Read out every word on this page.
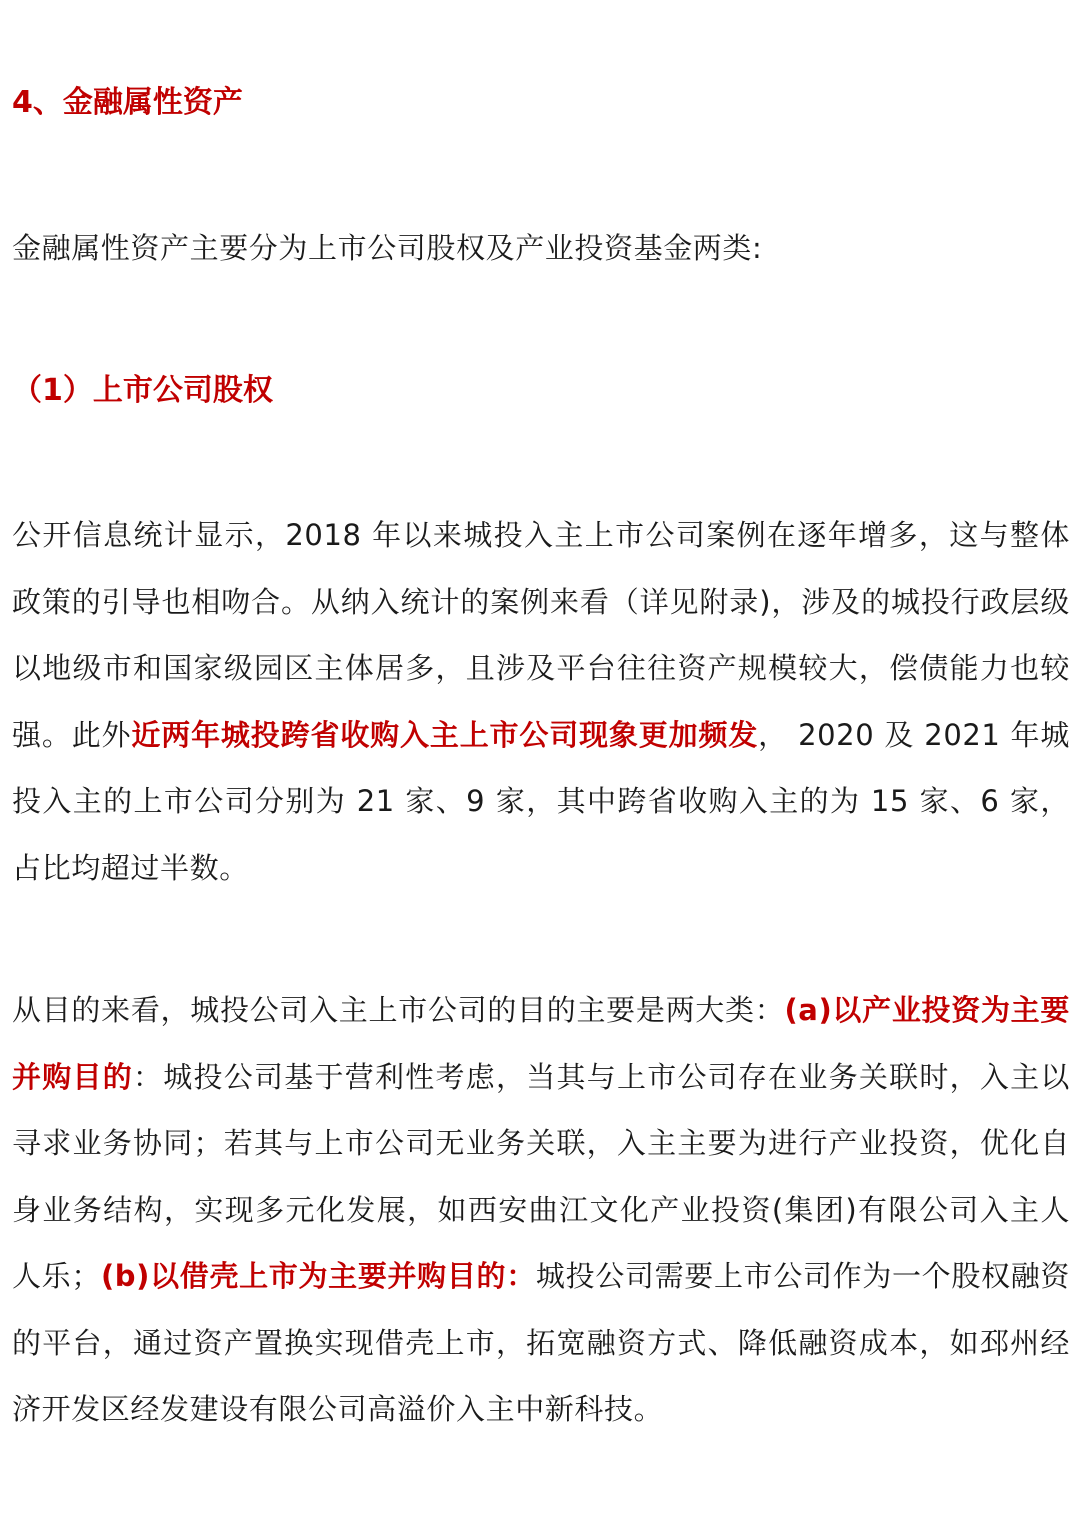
4、金融属性资产

金融属性资产主要分为上市公司股权及产业投资基金两类:

（1）上市公司股权

公开信息统计显示，2018 年以来城投入主上市公司案例在逐年增多，这与整体政策的引导也相吻合。从纳入统计的案例来看（详见附录)，涉及的城投行政层级以地级市和国家级园区主体居多，且涉及平台往往资产规模较大，偿债能力也较强。此外近两年城投跨省收购入主上市公司现象更加频发， 2020 及 2021 年城投入主的上市公司分别为 21 家、9 家，其中跨省收购入主的为 15 家、6 家，占比均超过半数。

从目的来看，城投公司入主上市公司的目的主要是两大类：(a)以产业投资为主要并购目的：城投公司基于营利性考虑，当其与上市公司存在业务关联时，入主以寻求业务协同；若其与上市公司无业务关联，入主主要为进行产业投资，优化自身业务结构，实现多元化发展，如西安曲江文化产业投资(集团)有限公司入主人人乐；(b)以借壳上市为主要并购目的：城投公司需要上市公司作为一个股权融资的平台，通过资产置换实现借壳上市，拓宽融资方式、降低融资成本，如邳州经济开发区经发建设有限公司高溢价入主中新科技。
